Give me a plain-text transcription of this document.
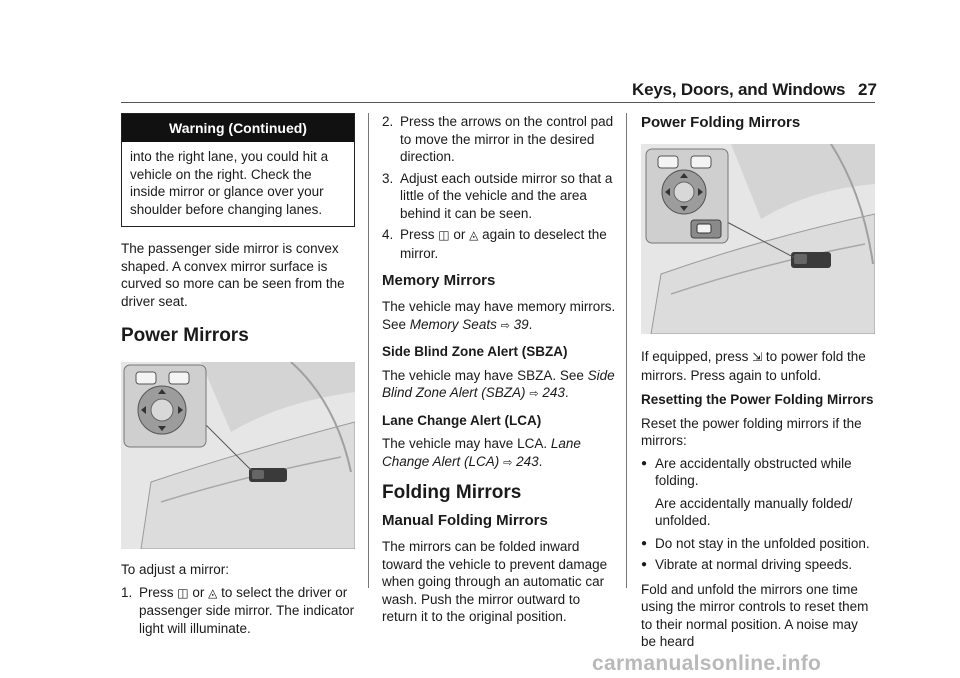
Keys, Doors, and Windows 27
Warning (Continued)
into the right lane, you could hit a vehicle on the right. Check the inside mirror or glance over your shoulder before changing lanes.

The passenger side mirror is convex shaped. A convex mirror surface is curved so more can be seen from the driver seat.

Power Mirrors

To adjust a mirror:

1. Press ◫ or ◬ to select the driver or passenger side mirror. The indicator light will illuminate.
2. Press the arrows on the control pad to move the mirror in the desired direction.
3. Adjust each outside mirror so that a little of the vehicle and the area behind it can be seen.
4. Press ◫ or ◬ again to deselect the mirror.

Memory Mirrors

The vehicle may have memory mirrors. See Memory Seats ⇨ 39.

Side Blind Zone Alert (SBZA)

The vehicle may have SBZA. See Side Blind Zone Alert (SBZA) ⇨ 243.

Lane Change Alert (LCA)

The vehicle may have LCA. Lane Change Alert (LCA) ⇨ 243.

Folding Mirrors

Manual Folding Mirrors

The mirrors can be folded inward toward the vehicle to prevent damage when going through an automatic car wash. Push the mirror outward to return it to the original position.

Power Folding Mirrors

If equipped, press ⇲ to power fold the mirrors. Press again to unfold.

Resetting the Power Folding Mirrors

Reset the power folding mirrors if the mirrors:

● Are accidentally obstructed while folding.

Are accidentally manually folded/ unfolded.

● Do not stay in the unfolded position.
● Vibrate at normal driving speeds.

Fold and unfold the mirrors one time using the mirror controls to reset them to their normal position. A noise may be heard

carmanualsonline.info
